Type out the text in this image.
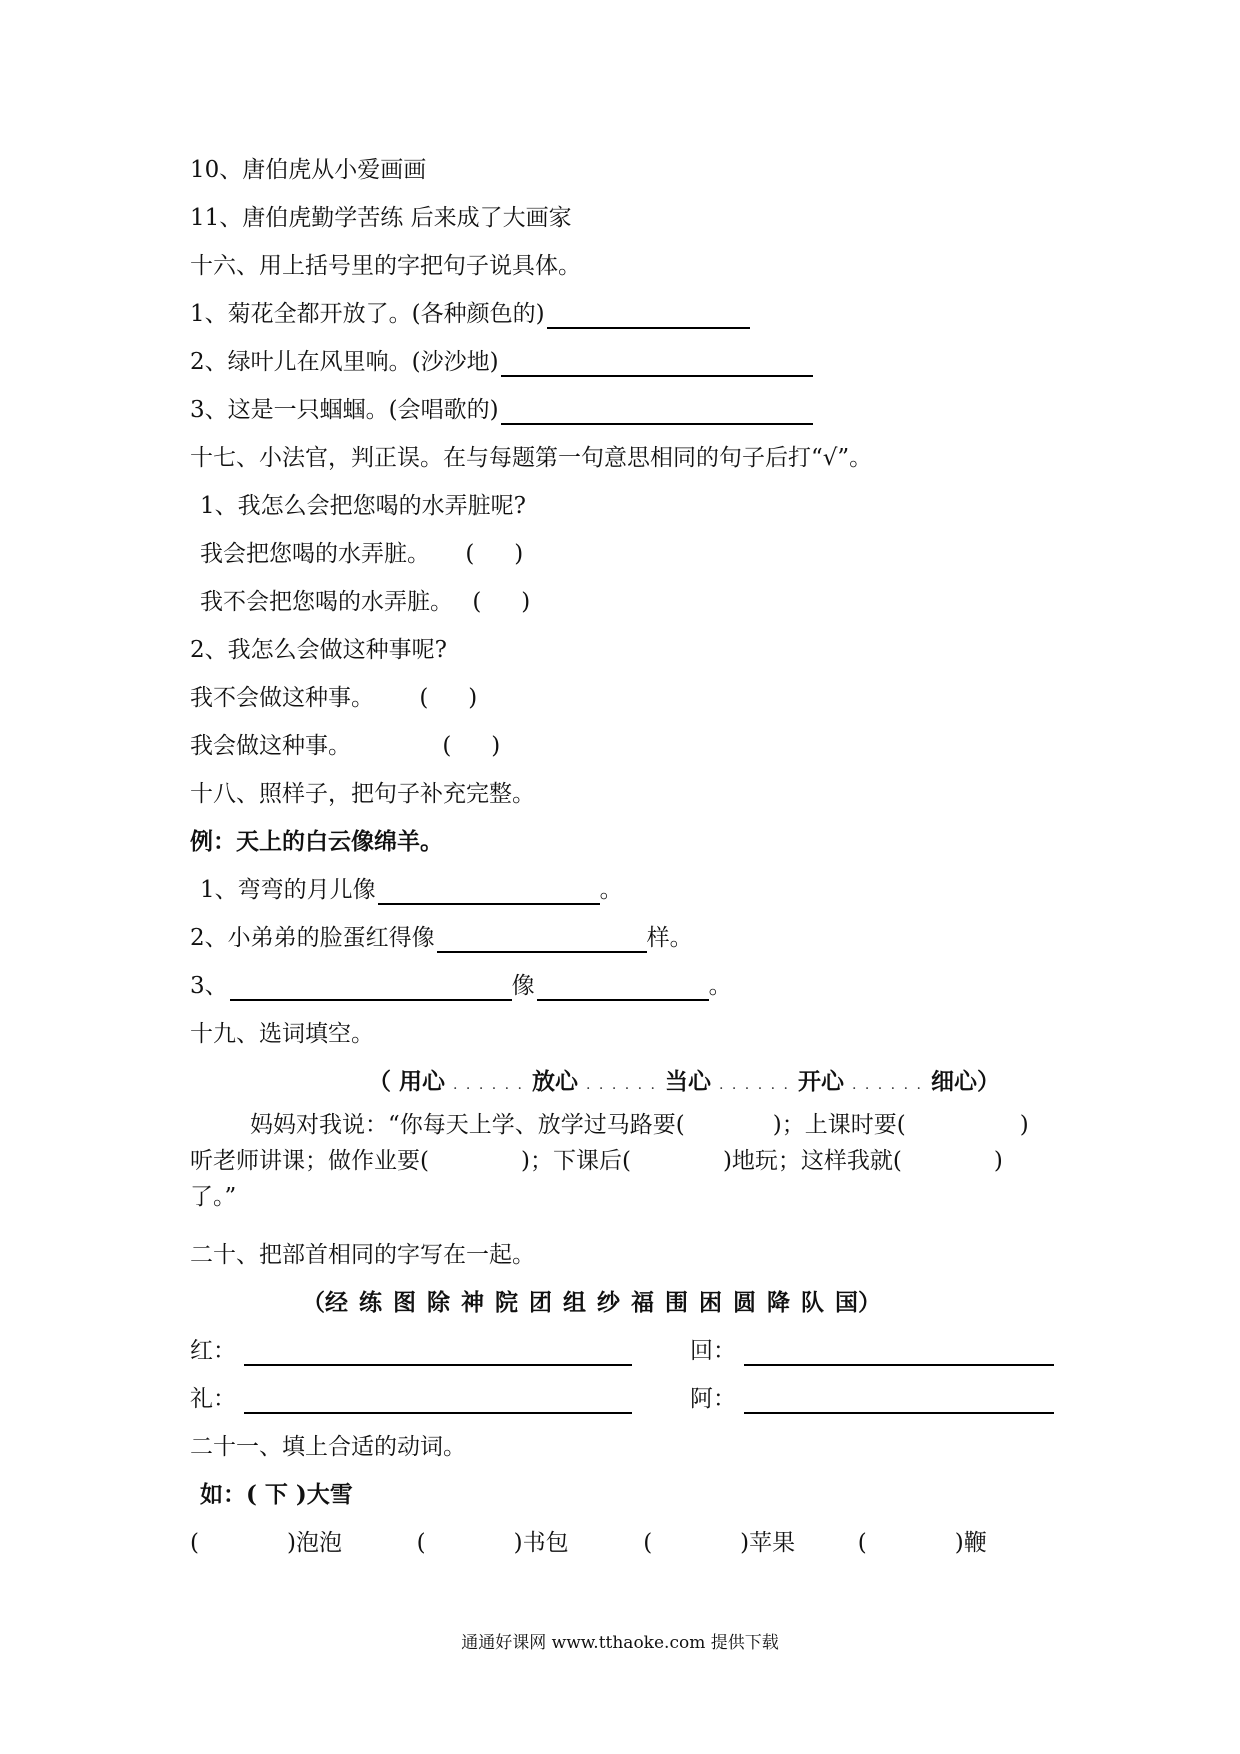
10、唐伯虎从小爱画画
11、唐伯虎勤学苦练 后来成了大画家
十六、用上括号里的字把句子说具体。
1、菊花全都开放了。(各种颜色的)
2、绿叶儿在风里响。(沙沙地)
3、这是一只蝈蝈。(会唱歌的)
十七、小法官，判正误。在与每题第一句意思相同的句子后打“√”。
1、我怎么会把您喝的水弄脏呢?
我会把您喝的水弄脏。 ( )
我不会把您喝的水弄脏。 ( )
2、我怎么会做这种事呢?
我不会做这种事。 ( )
我会做这种事。	( )
十八、照样子，把句子补充完整。
例：天上的白云像绵羊。
1、弯弯的月儿像	。
2、小弟弟的脸蛋红得像	样。
3、	像	。
十九、选词填空。
（ 用心 . . . . . . 放心 . . . . . . 当心 . . . . . . 开心 . . . . . . 细心）
妈妈对我说：“你每天上学、放学过马路要(	)；上课时要(	)
听老师讲课；做作业要(	)；下课后(	)地玩；这样我就(	)
了。”
二十、把部首相同的字写在一起。
（经 练 图 除 神 院 团 组 纱 福 围 困 圆 降 队 国）
红：	回：
礼：	阿：
二十一、填上合适的动词。
如：( 下 )大雪
(	)泡泡	(	)书包	(	)苹果	(	)鞭
通通好课网 www.tthaoke.com 提供下载
